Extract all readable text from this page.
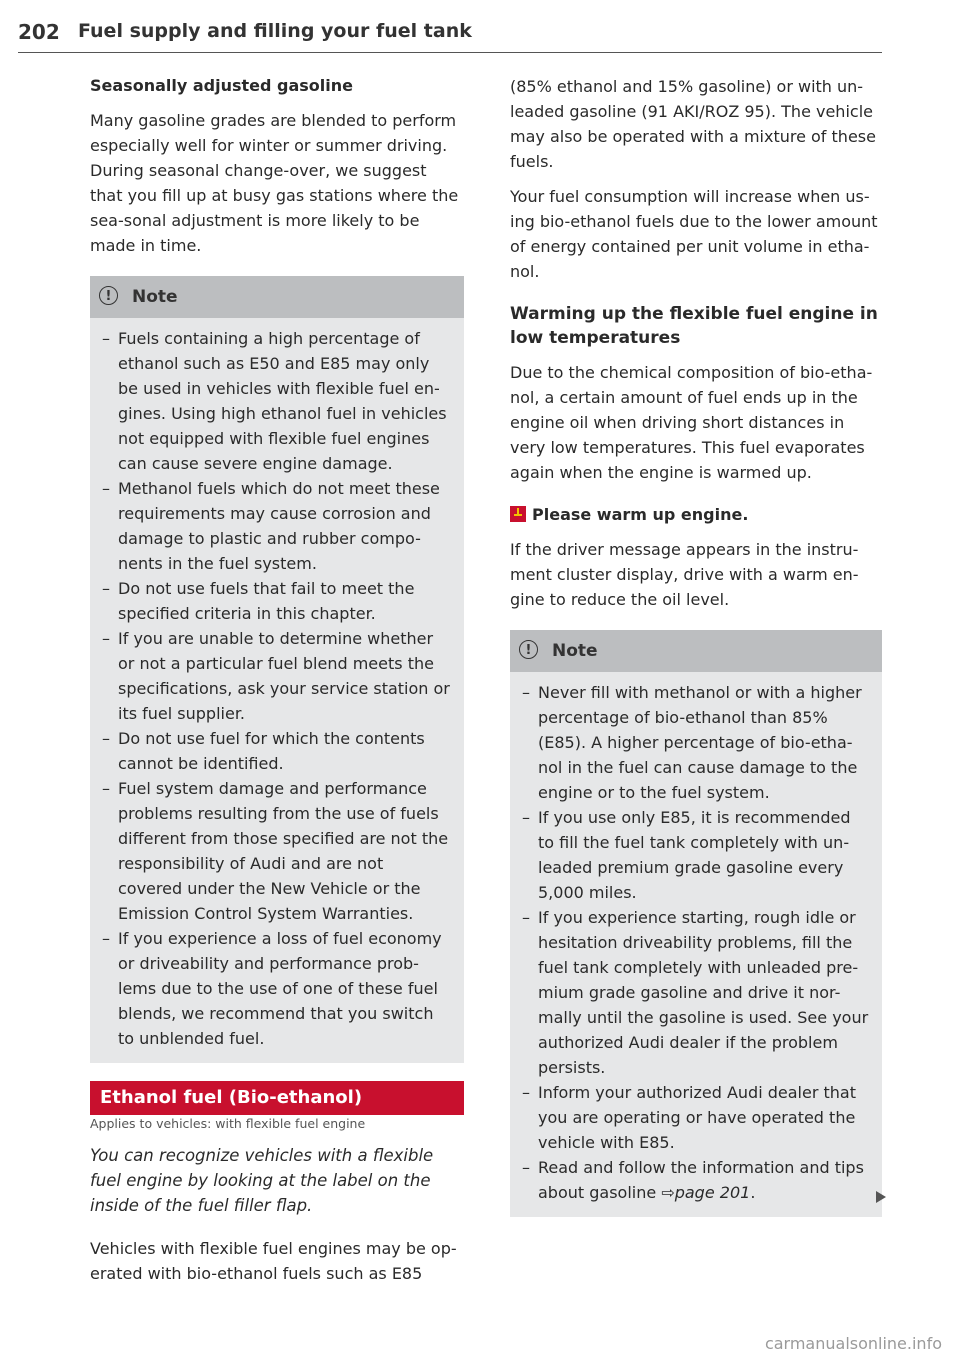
202 Fuel supply and filling your fuel tank

Seasonally adjusted gasoline

Many gasoline grades are blended to perform especially well for winter or summer driving. During seasonal change-over, we suggest that you fill up at busy gas stations where the sea-sonal adjustment is more likely to be made in time.

!	Note
– Fuels containing a high percentage of ethanol such as E50 and E85 may only be used in vehicles with flexible fuel en-gines. Using high ethanol fuel in vehicles not equipped with flexible fuel engines can cause severe engine damage.
– Methanol fuels which do not meet these requirements may cause corrosion and damage to plastic and rubber compo-nents in the fuel system.
– Do not use fuels that fail to meet the specified criteria in this chapter.
– If you are unable to determine whether or not a particular fuel blend meets the specifications, ask your service station or its fuel supplier.
– Do not use fuel for which the contents cannot be identified.
– Fuel system damage and performance problems resulting from the use of fuels different from those specified are not the responsibility of Audi and are not covered under the New Vehicle or the Emission Control System Warranties.
– If you experience a loss of fuel economy or driveability and performance prob-lems due to the use of one of these fuel blends, we recommend that you switch to unblended fuel.
Ethanol fuel (Bio-ethanol)

Applies to vehicles: with flexible fuel engine

You can recognize vehicles with a flexible fuel engine by looking at the label on the inside of the fuel filler flap.

Vehicles with flexible fuel engines may be op-erated with bio-ethanol fuels such as E85

(85% ethanol and 15% gasoline) or with un-leaded gasoline (91 AKI/ROZ 95). The vehicle may also be operated with a mixture of these fuels.

Your fuel consumption will increase when us-ing bio-ethanol fuels due to the lower amount of energy contained per unit volume in etha-nol.

Warming up the flexible fuel engine in low temperatures

Due to the chemical composition of bio-etha-nol, a certain amount of fuel ends up in the engine oil when driving short distances in very low temperatures. This fuel evaporates again when the engine is warmed up.

Please warm up engine.

If the driver message appears in the instru-ment cluster display, drive with a warm en-gine to reduce the oil level.

!	Note
– Never fill with methanol or with a higher percentage of bio-ethanol than 85% (E85). A higher percentage of bio-etha-nol in the fuel can cause damage to the engine or to the fuel system.
– If you use only E85, it is recommended to fill the fuel tank completely with un-leaded premium grade gasoline every 5,000 miles.
– If you experience starting, rough idle or hesitation driveability problems, fill the fuel tank completely with unleaded pre-mium grade gasoline and drive it nor-mally until the gasoline is used. See your authorized Audi dealer if the problem persists.
– Inform your authorized Audi dealer that you are operating or have operated the vehicle with E85.
– Read and follow the information and tips about gasoline ⇨page 201.
carmanualsonline.info
